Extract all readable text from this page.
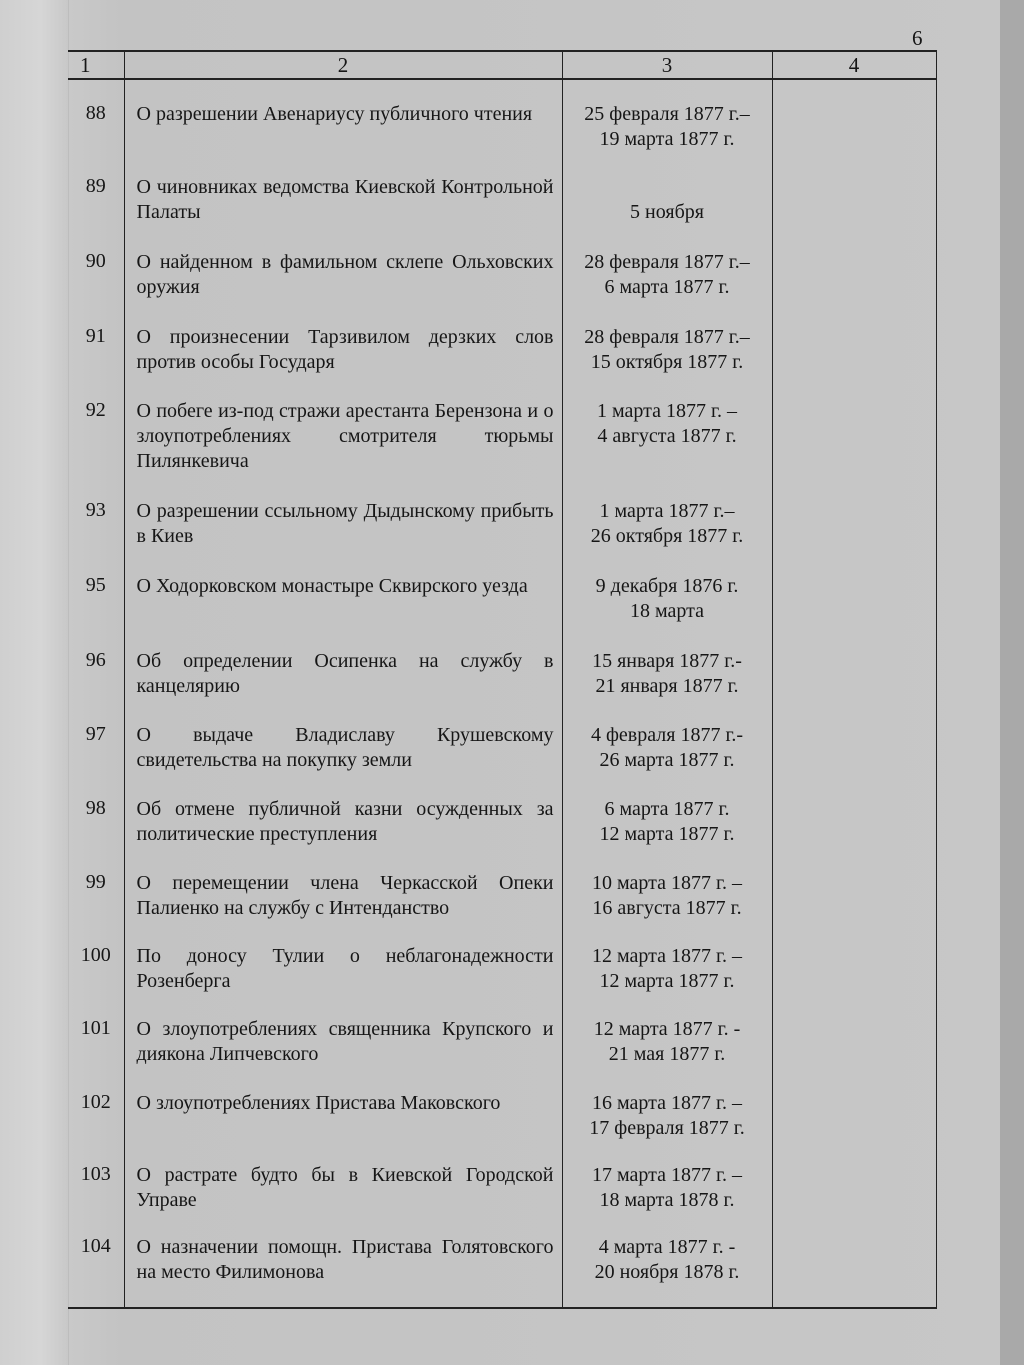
6
1	2	3	4
88	О разрешении Авенариусу публичного чтения	25 февраля 1877 г.–
19 марта 1877 г.	

89	О чиновниках ведомства Киевской Контрольной Палаты	5 ноября	

90	О найденном в фамильном склепе Ольховских оружия	28 февраля 1877 г.–
6 марта 1877 г.	

91	О произнесении Тарзивилом дерзких слов против особы Государя	28 февраля 1877 г.–
15 октября 1877 г.	

92	О побеге из-под стражи арестанта Берензона и о злоупотреблениях смотрителя тюрьмы Пилянкевича	1 марта 1877 г. –
4 августа 1877 г.	

93	О разрешении ссыльному Дыдынскому прибыть в Киев	1 марта 1877 г.–
26 октября 1877 г.	

95	О Ходорковском монастыре Сквирского уезда	9 декабря 1876 г.
18 марта	

96	Об определении Осипенка на службу в канцелярию	15 января 1877 г.-
21 января 1877 г.	

97	О выдаче Владиславу Крушевскому свидетельства на покупку земли	4 февраля 1877 г.-
26 марта 1877 г.	

98	Об отмене публичной казни осужденных за политические преступления	6 марта 1877 г.
12 марта 1877 г.	

99	О перемещении члена Черкасской Опеки Палиенко на службу с Интенданство	10 марта 1877 г. –
16 августа 1877 г.	

100	По доносу Тулии о неблагонадежности Розенберга	12 марта 1877 г. –
12 марта 1877 г.	

101	О злоупотреблениях священника Крупского и диякона Липчевского	12 марта 1877 г. -
21 мая 1877 г.	

102	О злоупотреблениях Пристава Маковского	16 марта 1877 г. –
17 февраля 1877 г.	

103	О растрате будто бы в Киевской Городской Управе	17 марта 1877 г. –
18 марта 1878 г.	

104	О назначении помощн. Пристава Голятовского на место Филимонова	4 марта 1877 г. -
20 ноября 1878 г.	
